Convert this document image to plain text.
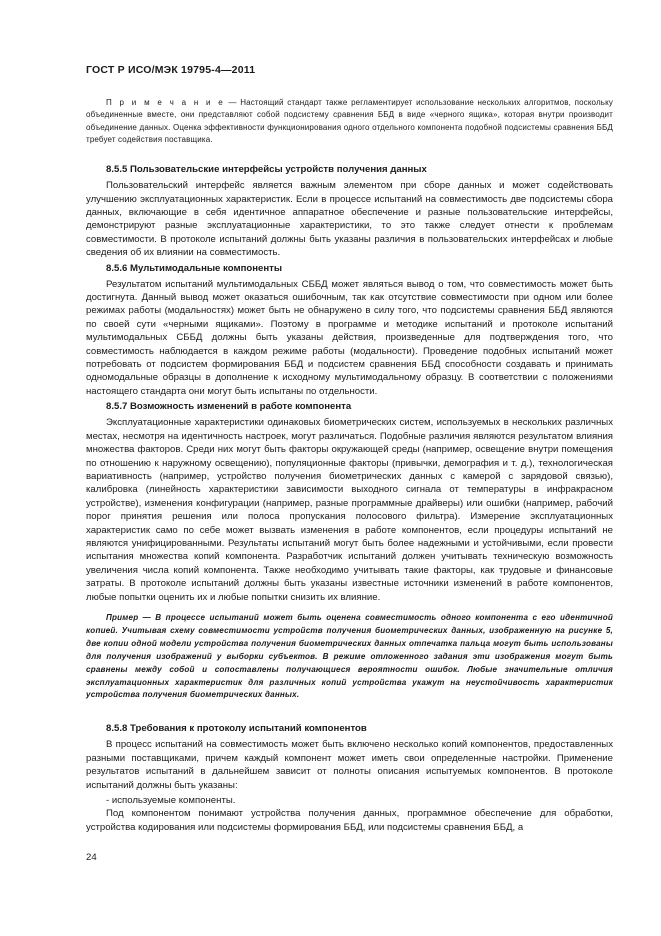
ГОСТ Р ИСО/МЭК 19795-4—2011

П р и м е ч а н и е — Настоящий стандарт также регламентирует использование нескольких алгоритмов, поскольку объединенные вместе, они представляют собой подсистему сравнения ББД в виде «черного ящика», которая внутри производит объединение данных. Оценка эффективности функционирования одного отдельного компонента подобной подсистемы сравнения ББД требует содействия поставщика.

8.5.5 Пользовательские интерфейсы устройств получения данных

Пользовательский интерфейс является важным элементом при сборе данных и может содействовать улучшению эксплуатационных характеристик. Если в процессе испытаний на совместимость две подсистемы сбора данных, включающие в себя идентичное аппаратное обеспечение и разные пользовательские интерфейсы, демонстрируют разные эксплуатационные характеристики, то это также следует отнести к проблемам совместимости. В протоколе испытаний должны быть указаны различия в пользовательских интерфейсах и любые сведения об их влиянии на совместимость.

8.5.6 Мультимодальные компоненты

Результатом испытаний мультимодальных СББД может являться вывод о том, что совместимость может быть достигнута. Данный вывод может оказаться ошибочным, так как отсутствие совместимости при одном или более режимах работы (модальностях) может быть не обнаружено в силу того, что подсистемы сравнения ББД являются по своей сути «черными ящиками». Поэтому в программе и методике испытаний и протоколе испытаний мультимодальных СББД должны быть указаны действия, произведенные для подтверждения того, что совместимость наблюдается в каждом режиме работы (модальности). Проведение подобных испытаний может потребовать от подсистем формирования ББД и подсистем сравнения ББД способности создавать и принимать одномодальные образцы в дополнение к исходному мультимодальному образцу. В соответствии с положениями настоящего стандарта они могут быть испытаны по отдельности.

8.5.7 Возможность изменений в работе компонента

Эксплуатационные характеристики одинаковых биометрических систем, используемых в нескольких различных местах, несмотря на идентичность настроек, могут различаться. Подобные различия являются результатом влияния множества факторов. Среди них могут быть факторы окружающей среды (например, освещение внутри помещения по отношению к наружному освещению), популяционные факторы (привычки, демография и т. д.), технологическая вариативность (например, устройство получения биометрических данных с камерой с зарядовой связью), калибровка (линейность характеристики зависимости выходного сигнала от температуры в инфракрасном устройстве), изменения конфигурации (например, разные программные драйверы) или ошибки (например, рабочий порог принятия решения или полоса пропускания полосового фильтра). Измерение эксплуатационных характеристик само по себе может вызвать изменения в работе компонентов, если процедуры испытаний не являются унифицированными. Результаты испытаний могут быть более надежными и устойчивыми, если провести испытания множества копий компонента. Разработчик испытаний должен учитывать техническую возможность увеличения числа копий компонента. Также необходимо учитывать такие факторы, как трудовые и финансовые затраты. В протоколе испытаний должны быть указаны известные источники изменений в работе компонентов, любые попытки оценить их и любые попытки снизить их влияние.

Пример — В процессе испытаний может быть оценена совместимость одного компонента с его идентичной копией. Учитывая схему совместимости устройств получения биометрических данных, изображенную на рисунке 5, две копии одной модели устройства получения биометрических данных отпечатка пальца могут быть использованы для получения изображений у выборки субъектов. В режиме отложенного задания эти изображения могут быть сравнены между собой и сопоставлены получающиеся вероятности ошибок. Любые значительные отличия эксплуатационных характеристик для различных копий устройства укажут на неустойчивость характеристик устройства получения биометрических данных.

8.5.8 Требования к протоколу испытаний компонентов

В процесс испытаний на совместимость может быть включено несколько копий компонентов, предоставленных разными поставщиками, причем каждый компонент может иметь свои определенные настройки. Применение результатов испытаний в дальнейшем зависит от полноты описания испытуемых компонентов. В протоколе испытаний должны быть указаны:

- используемые компоненты.

Под компонентом понимают устройства получения данных, программное обеспечение для обработки, устройства кодирования или подсистемы формирования ББД, или подсистемы сравнения ББД, а

24
